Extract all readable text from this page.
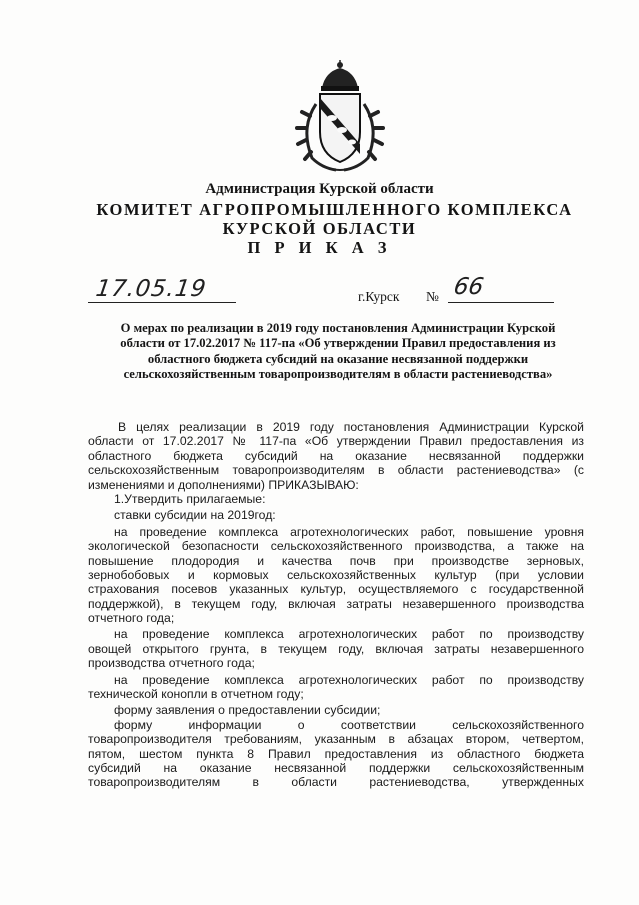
Администрация Курской области
КОМИТЕТ АГРОПРОМЫШЛЕННОГО КОМПЛЕКСА
КУРСКОЙ ОБЛАСТИ
П Р И К А З
17.05.19	г.Курск № 66
О мерах по реализации в 2019 году постановления Администрации Курской
области от 17.02.2017 № 117-па «Об утверждении Правил предоставления из
областного бюджета субсидий на оказание несвязанной поддержки
сельскохозяйственным товаропроизводителям в области растениеводства»
В целях реализации в 2019 году постановления Администрации Курской
области от 17.02.2017 № 117-па «Об утверждении Правил предоставления из
областного бюджета субсидий на оказание несвязанной поддержки
сельскохозяйственным товаропроизводителям в области растениеводства» (с
изменениями и дополнениями) ПРИКАЗЫВАЮ:
1.Утвердить прилагаемые:
ставки субсидии на 2019год:
на проведение комплекса агротехнологических работ, повышение уровня
экологической безопасности сельскохозяйственного производства, а также на
повышение плодородия и качества почв при производстве зерновых,
зернобобовых и кормовых сельскохозяйственных культур (при условии
страхования посевов указанных культур, осуществляемого с государственной
поддержкой), в текущем году, включая затраты незавершенного производства
отчетного года;
на проведение комплекса агротехнологических работ по производству
овощей открытого грунта, в текущем году, включая затраты незавершенного
производства отчетного года;
на проведение комплекса агротехнологических работ по производству
технической конопли в отчетном году;
форму заявления о предоставлении субсидии;
форму информации о соответствии сельскохозяйственного
товаропроизводителя требованиям, указанным в абзацах втором, четвертом,
пятом, шестом пункта 8 Правил предоставления из областного бюджета
субсидий на оказание несвязанной поддержки сельскохозяйственным
товаропроизводителям в области растениеводства, утвержденных
